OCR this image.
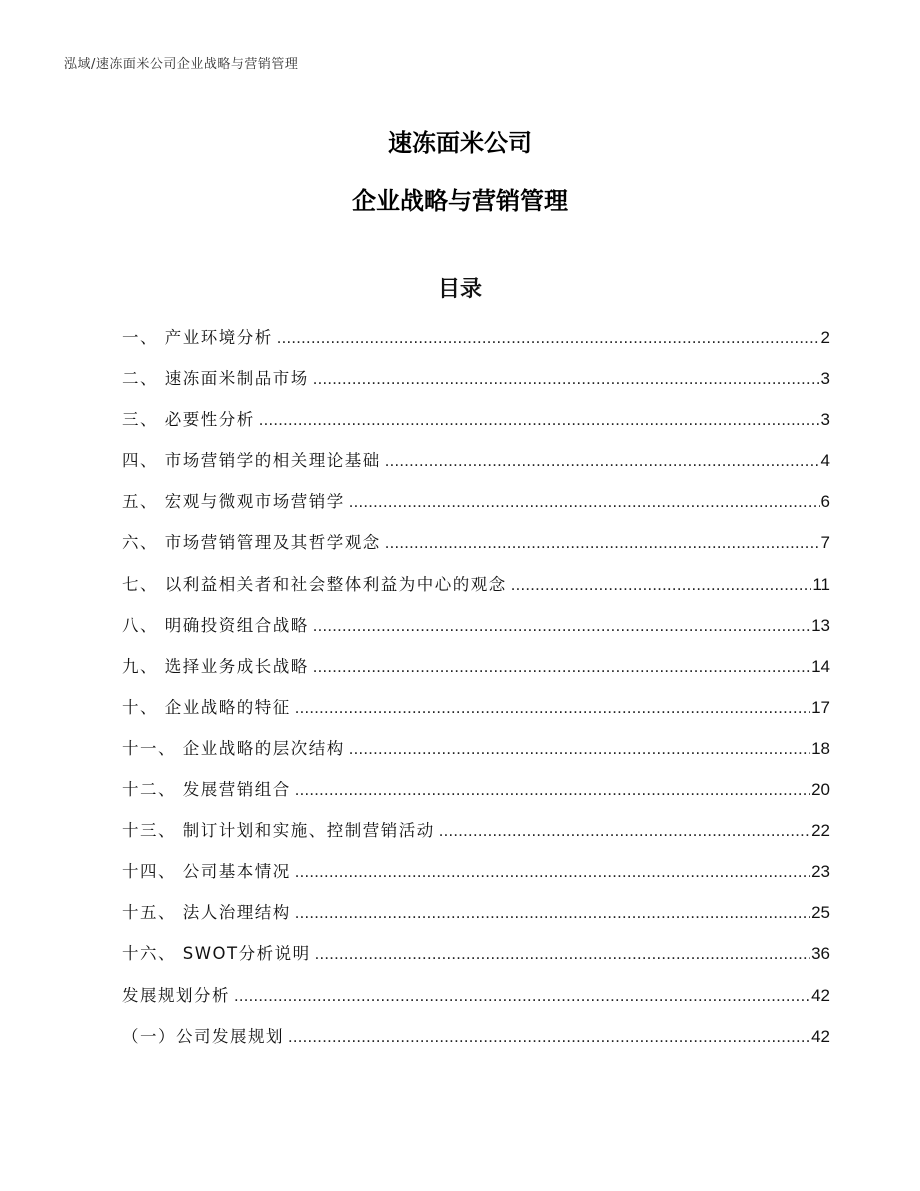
泓域/速冻面米公司企业战略与营销管理
速冻面米公司
企业战略与营销管理
目录
一、 产业环境分析 .....	2
二、 速冻面米制品市场 .....	3
三、 必要性分析 .....	3
四、 市场营销学的相关理论基础 .....	4
五、 宏观与微观市场营销学 .....	6
六、 市场营销管理及其哲学观念 .....	7
七、 以利益相关者和社会整体利益为中心的观念 .....	11
八、 明确投资组合战略 .....	13
九、 选择业务成长战略 .....	14
十、 企业战略的特征 .....	17
十一、 企业战略的层次结构 .....	18
十二、 发展营销组合 .....	20
十三、 制订计划和实施、控制营销活动 .....	22
十四、 公司基本情况 .....	23
十五、 法人治理结构 .....	25
十六、 SWOT分析说明 .....	36
发展规划分析 .....	42
（一）公司发展规划 .....	42
